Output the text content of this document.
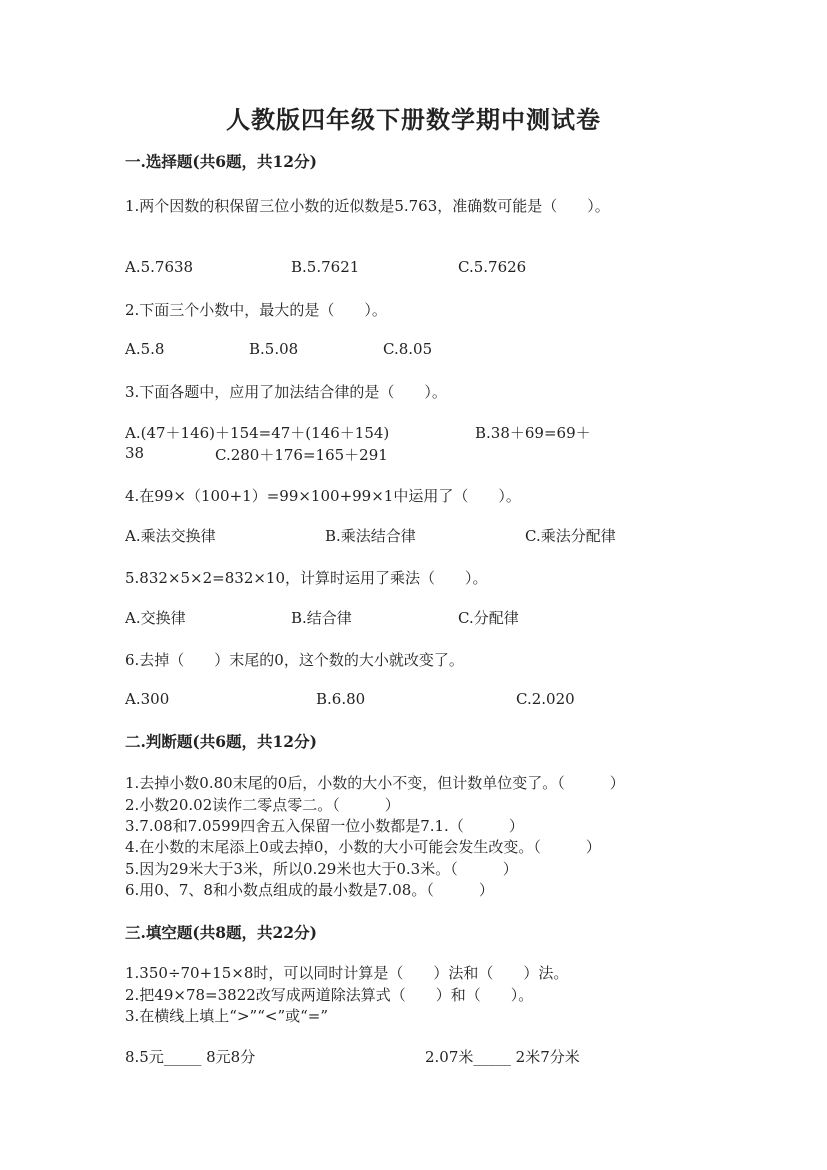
人教版四年级下册数学期中测试卷
一.选择题(共6题，共12分)
1.两个因数的积保留三位小数的近似数是5.763，准确数可能是（　　）。
A.5.7638	B.5.7621	C.5.7626
2.下面三个小数中，最大的是（　　）。
A.5.8	B.5.08	C.8.05
3.下面各题中，应用了加法结合律的是（　　）。
A.(47＋146)＋154=47＋(146＋154)	B.38＋69=69＋
38	C.280＋176=165＋291
4.在99×（100+1）=99×100+99×1中运用了（　　）。
A.乘法交换律	B.乘法结合律	C.乘法分配律
5.832×5×2=832×10，计算时运用了乘法（　　）。
A.交换律	B.结合律	C.分配律
6.去掉（　　）末尾的0，这个数的大小就改变了。
A.300	B.6.80	C.2.020
二.判断题(共6题，共12分)
1.去掉小数0.80末尾的0后，小数的大小不变，但计数单位变了。（　　　）
2.小数20.02读作二零点零二。（　　　）
3.7.08和7.0599四舍五入保留一位小数都是7.1.（　　　）
4.在小数的末尾添上0或去掉0，小数的大小可能会发生改变。（　　　）
5.因为29米大于3米，所以0.29米也大于0.3米。（　　　）
6.用0、7、8和小数点组成的最小数是7.08。（　　　）
三.填空题(共8题，共22分)
1.350÷70+15×8时，可以同时计算是（　　）法和（　　）法。
2.把49×78=3822改写成两道除法算式（　　）和（　　）。
3.在横线上填上“>”“<”或“=”
8.5元_____ 8元8分	2.07米_____ 2米7分米
